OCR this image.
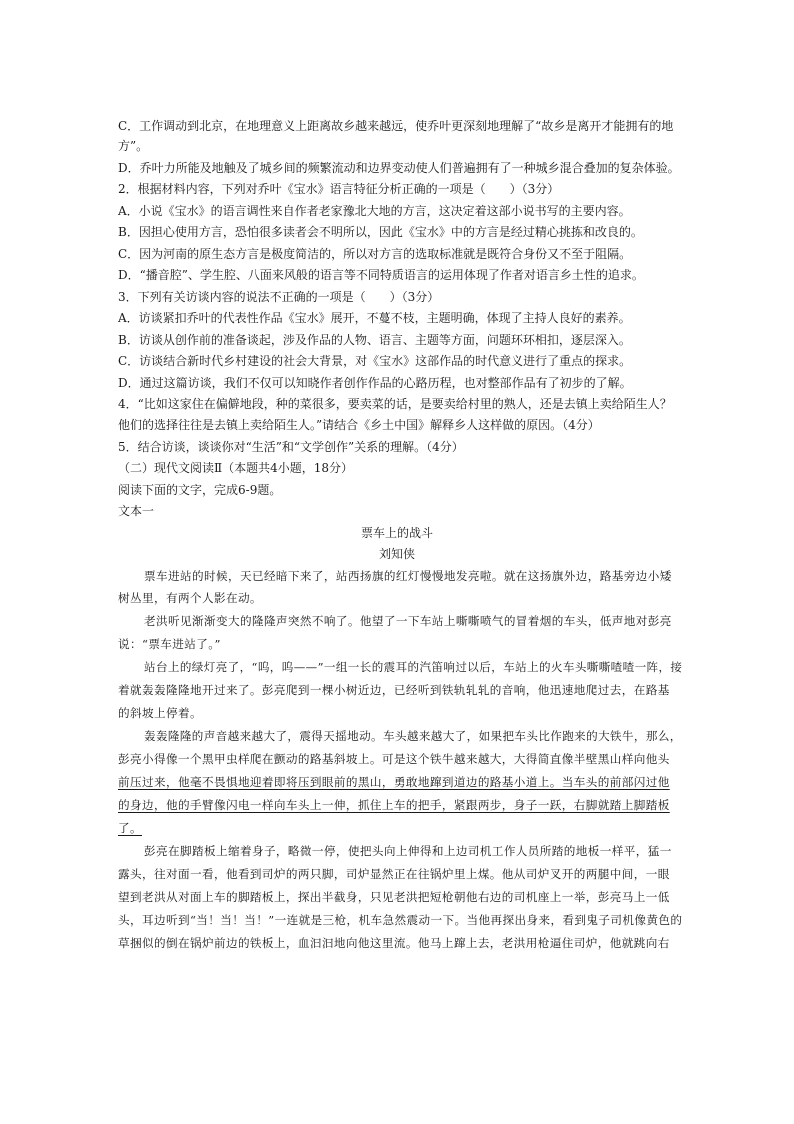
C．工作调动到北京，在地理意义上距离故乡越来越远，使乔叶更深刻地理解了“故乡是离开才能拥有的地
方”。
D．乔叶力所能及地触及了城乡间的频繁流动和边界变动使人们普遍拥有了一种城乡混合叠加的复杂体验。
2．根据材料内容，下列对乔叶《宝水》语言特征分析正确的一项是（　　）（3分）
A．小说《宝水》的语言调性来自作者老家豫北大地的方言，这决定着这部小说书写的主要内容。
B．因担心使用方言，恐怕很多读者会不明所以，因此《宝水》中的方言是经过精心挑拣和改良的。
C．因为河南的原生态方言是极度简洁的，所以对方言的选取标准就是既符合身份又不至于阻隔。
D．“播音腔”、学生腔、八面来风般的语言等不同特质语言的运用体现了作者对语言乡土性的追求。
3．下列有关访谈内容的说法不正确的一项是（　　）（3分）
A．访谈紧扣乔叶的代表性作品《宝水》展开，不蔓不枝，主题明确，体现了主持人良好的素养。
B．访谈从创作前的准备谈起，涉及作品的人物、语言、主题等方面，问题环环相扣，逐层深入。
C．访谈结合新时代乡村建设的社会大背景，对《宝水》这部作品的时代意义进行了重点的探求。
D．通过这篇访谈，我们不仅可以知晓作者创作作品的心路历程，也对整部作品有了初步的了解。
4．“比如这家住在偏僻地段，种的菜很多，要卖菜的话，是要卖给村里的熟人，还是去镇上卖给陌生人？
他们的选择往往是去镇上卖给陌生人。”请结合《乡土中国》解释乡人这样做的原因。（4分）
5．结合访谈，谈谈你对“生活”和“文学创作”关系的理解。（4分）
（二）现代文阅读Ⅱ（本题共4小题，18分）
阅读下面的文字，完成6-9题。
文本一
票车上的战斗
刘知侠
票车进站的时候，天已经暗下来了，站西扬旗的红灯慢慢地发亮啦。就在这扬旗外边，路基旁边小矮
树丛里，有两个人影在动。
老洪听见渐渐变大的隆隆声突然不响了。他望了一下车站上嘶嘶喷气的冒着烟的车头，低声地对彭亮
说：“票车进站了。”
站台上的绿灯亮了，“呜，呜——”一组一长的震耳的汽笛响过以后，车站上的火车头嘶嘶喳喳一阵，接
着就轰轰隆隆地开过来了。彭亮爬到一棵小树近边，已经听到铁轨轧轧的音响，他迅速地爬过去，在路基
的斜坡上停着。
轰轰隆隆的声音越来越大了，震得天摇地动。车头越来越大了，如果把车头比作跑来的大铁牛，那么，
彭亮小得像一个黑甲虫样爬在颤动的路基斜坡上。可是这个铁牛越来越大，大得简直像半壁黑山样向他头
前压过来，他毫不畏惧地迎着即将压到眼前的黑山，勇敢地蹿到道边的路基小道上。当车头的前部闪过他
的身边，他的手臂像闪电一样向车头上一伸，抓住上车的把手，紧跟两步，身子一跃，右脚就踏上脚踏板
了。
彭亮在脚踏板上缩着身子，略微一停，使把头向上伸得和上边司机工作人员所踏的地板一样平，猛一
露头，往对面一看，他看到司炉的两只脚，司炉显然正在往锅炉里上煤。他从司炉叉开的两腿中间，一眼
望到老洪从对面上车的脚踏板上，探出半截身，只见老洪把短枪朝他右边的司机座上一举，彭亮马上一低
头，耳边听到“当！当！当！”一连就是三枪，机车急然震动一下。当他再探出身来，看到鬼子司机像黄色的
草捆似的倒在锅炉前边的铁板上，血汩汩地向他这里流。他马上蹿上去，老洪用枪逼住司炉，他就跳向右
